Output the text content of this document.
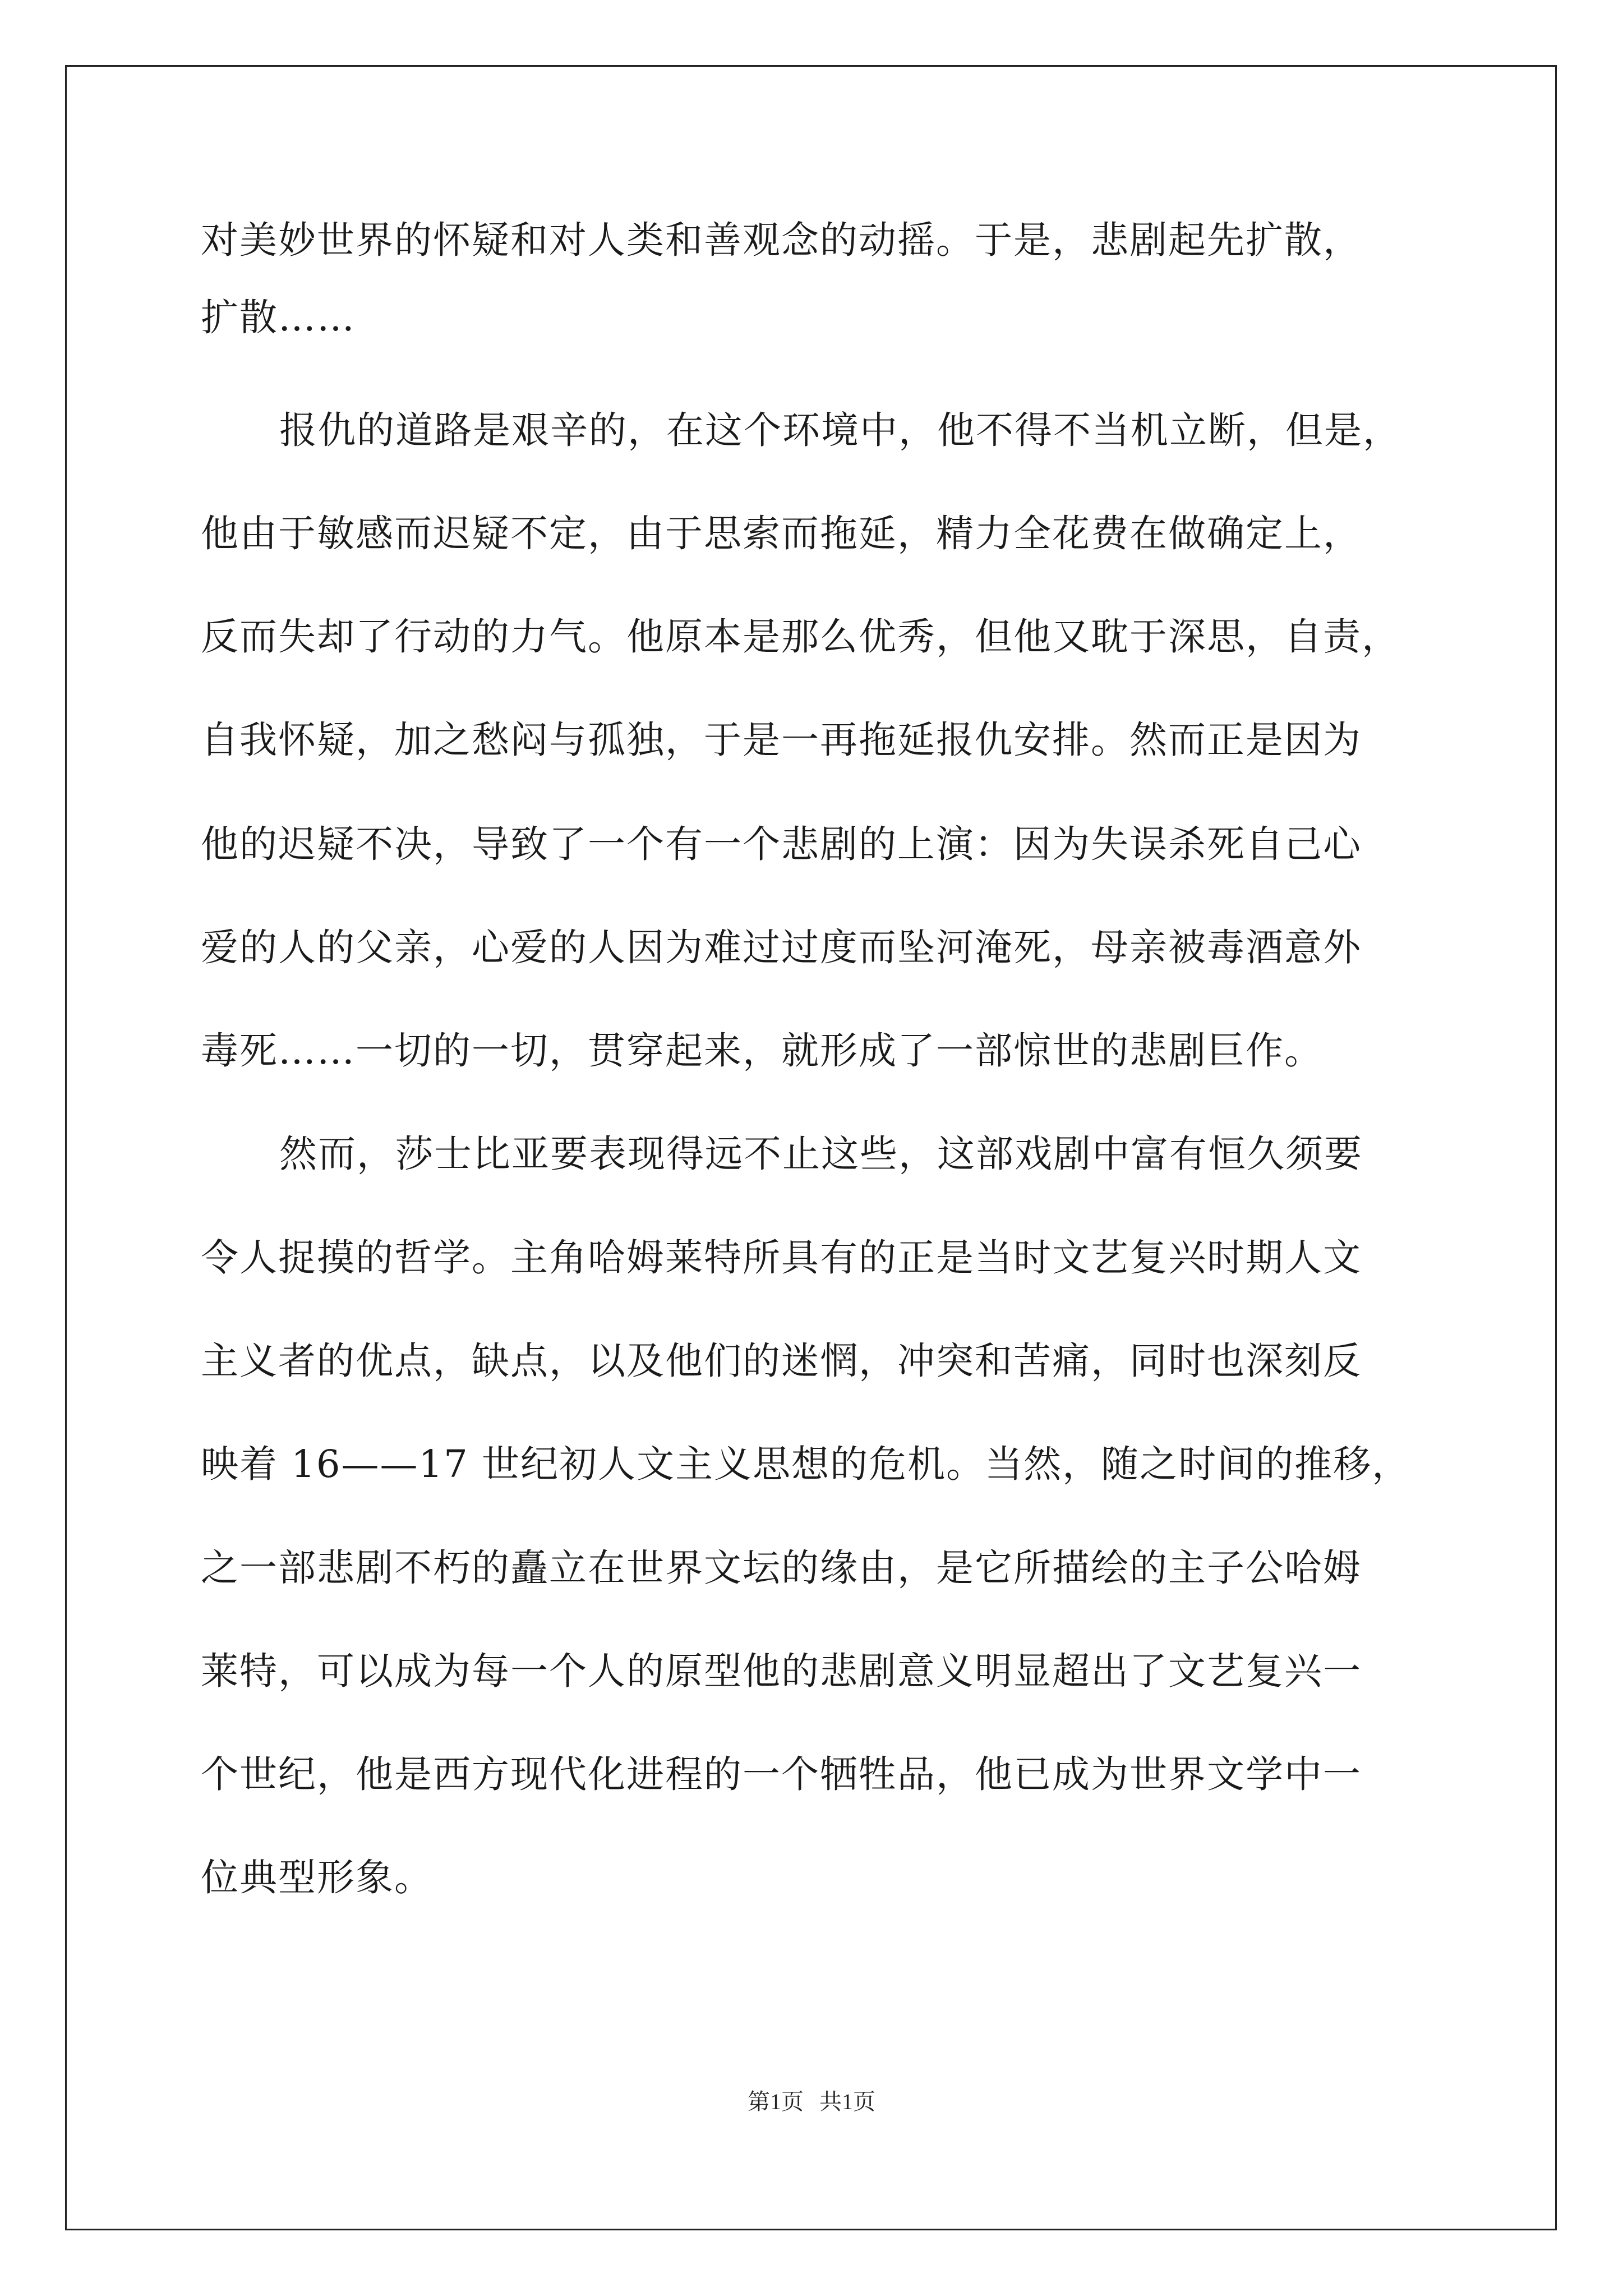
对美妙世界的怀疑和对人类和善观念的动摇。于是，悲剧起先扩散，
扩散……
报仇的道路是艰辛的，在这个环境中，他不得不当机立断，但是，
他由于敏感而迟疑不定，由于思索而拖延，精力全花费在做确定上，
反而失却了行动的力气。他原本是那么优秀，但他又耽于深思，自责，
自我怀疑，加之愁闷与孤独，于是一再拖延报仇安排。然而正是因为
他的迟疑不决，导致了一个有一个悲剧的上演：因为失误杀死自己心
爱的人的父亲，心爱的人因为难过过度而坠河淹死，母亲被毒酒意外
毒死……一切的一切，贯穿起来，就形成了一部惊世的悲剧巨作。
然而，莎士比亚要表现得远不止这些，这部戏剧中富有恒久须要
令人捉摸的哲学。主角哈姆莱特所具有的正是当时文艺复兴时期人文
主义者的优点，缺点，以及他们的迷惘，冲突和苦痛，同时也深刻反
映着 16——17 世纪初人文主义思想的危机。当然，随之时间的推移，
之一部悲剧不朽的矗立在世界文坛的缘由，是它所描绘的主子公哈姆
莱特，可以成为每一个人的原型他的悲剧意义明显超出了文艺复兴一
个世纪，他是西方现代化进程的一个牺牲品，他已成为世界文学中一
位典型形象。
第1页 共1页
